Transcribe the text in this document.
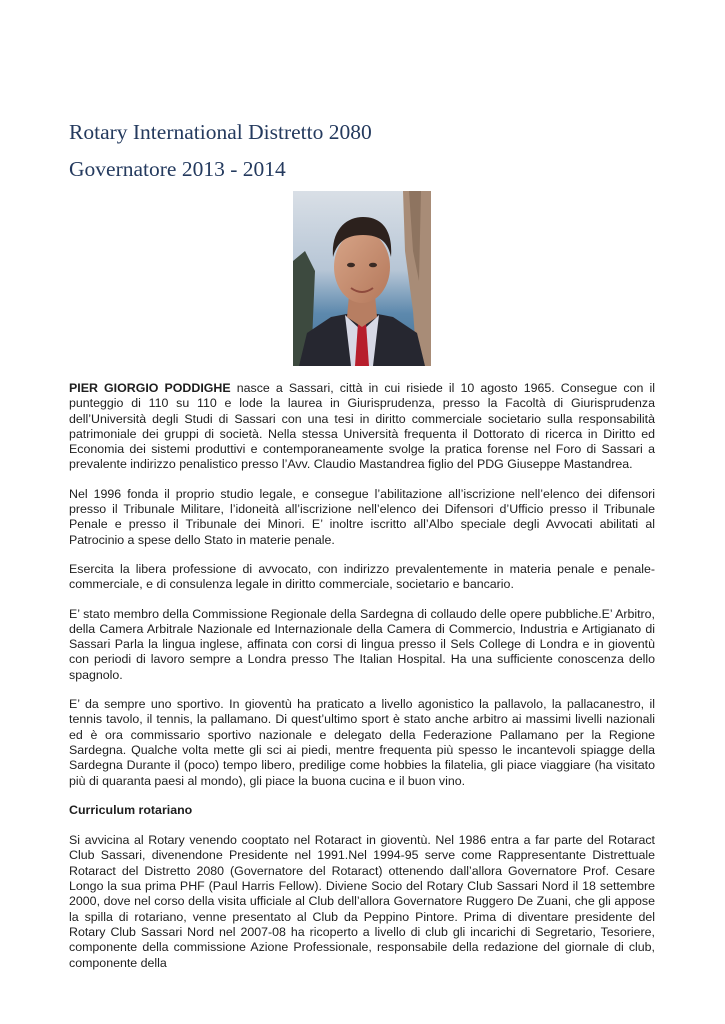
Rotary International Distretto 2080
Governatore 2013 - 2014

PIER GIORGIO PODDIGHE nasce a Sassari, città in cui risiede il 10 agosto 1965. Consegue con il punteggio di 110 su 110 e lode la laurea in Giurisprudenza, presso la Facoltà di Giurisprudenza dell’Università degli Studi di Sassari con una tesi in diritto commerciale societario sulla responsabilità patrimoniale dei gruppi di società. Nella stessa Università frequenta il Dottorato di ricerca in Diritto ed Economia dei sistemi produttivi e contemporaneamente svolge la pratica forense nel Foro di Sassari a prevalente indirizzo penalistico presso l’Avv. Claudio Mastandrea figlio del PDG Giuseppe Mastandrea.

Nel 1996 fonda il proprio studio legale, e consegue l’abilitazione all’iscrizione nell’elenco dei difensori presso il Tribunale Militare, l’idoneità all’iscrizione nell’elenco dei Difensori d’Ufficio presso il Tribunale Penale e presso il Tribunale dei Minori. E’ inoltre iscritto all’Albo speciale degli Avvocati abilitati al Patrocinio a spese dello Stato in materie penale.

Esercita la libera professione di avvocato, con indirizzo prevalentemente in materia penale e penale-commerciale, e di consulenza legale in diritto commerciale, societario e bancario.

E’ stato membro della Commissione Regionale della Sardegna di collaudo delle opere pubbliche.E’ Arbitro, della Camera Arbitrale Nazionale ed Internazionale della Camera di Commercio, Industria e Artigianato di Sassari Parla la lingua inglese, affinata con corsi di lingua presso il Sels College di Londra e in gioventù con periodi di lavoro sempre a Londra presso The Italian Hospital. Ha una sufficiente conoscenza dello spagnolo.

E’ da sempre uno sportivo. In gioventù ha praticato a livello agonistico la pallavolo, la pallacanestro, il tennis tavolo, il tennis, la pallamano. Di quest’ultimo sport è stato anche arbitro ai massimi livelli nazionali ed è ora commissario sportivo nazionale e delegato della Federazione Pallamano per la Regione Sardegna. Qualche volta mette gli sci ai piedi, mentre frequenta più spesso le incantevoli spiagge della Sardegna Durante il (poco) tempo libero, predilige come hobbies la filatelia, gli piace viaggiare (ha visitato più di quaranta paesi al mondo), gli piace la buona cucina e il buon vino.

Curriculum rotariano

Si avvicina al Rotary venendo cooptato nel Rotaract in gioventù. Nel 1986 entra a far parte del Rotaract Club Sassari, divenendone Presidente nel 1991.Nel 1994-95 serve come Rappresentante Distrettuale Rotaract del Distretto 2080 (Governatore del Rotaract) ottenendo dall’allora Governatore Prof. Cesare Longo la sua prima PHF (Paul Harris Fellow). Diviene Socio del Rotary Club Sassari Nord il 18 settembre 2000, dove nel corso della visita ufficiale al Club dell’allora Governatore Ruggero De Zuani, che gli appose la spilla di rotariano, venne presentato al Club da Peppino Pintore. Prima di diventare presidente del Rotary Club Sassari Nord nel 2007-08 ha ricoperto a livello di club gli incarichi di Segretario, Tesoriere, componente della commissione Azione Professionale, responsabile della redazione del giornale di club, componente della
